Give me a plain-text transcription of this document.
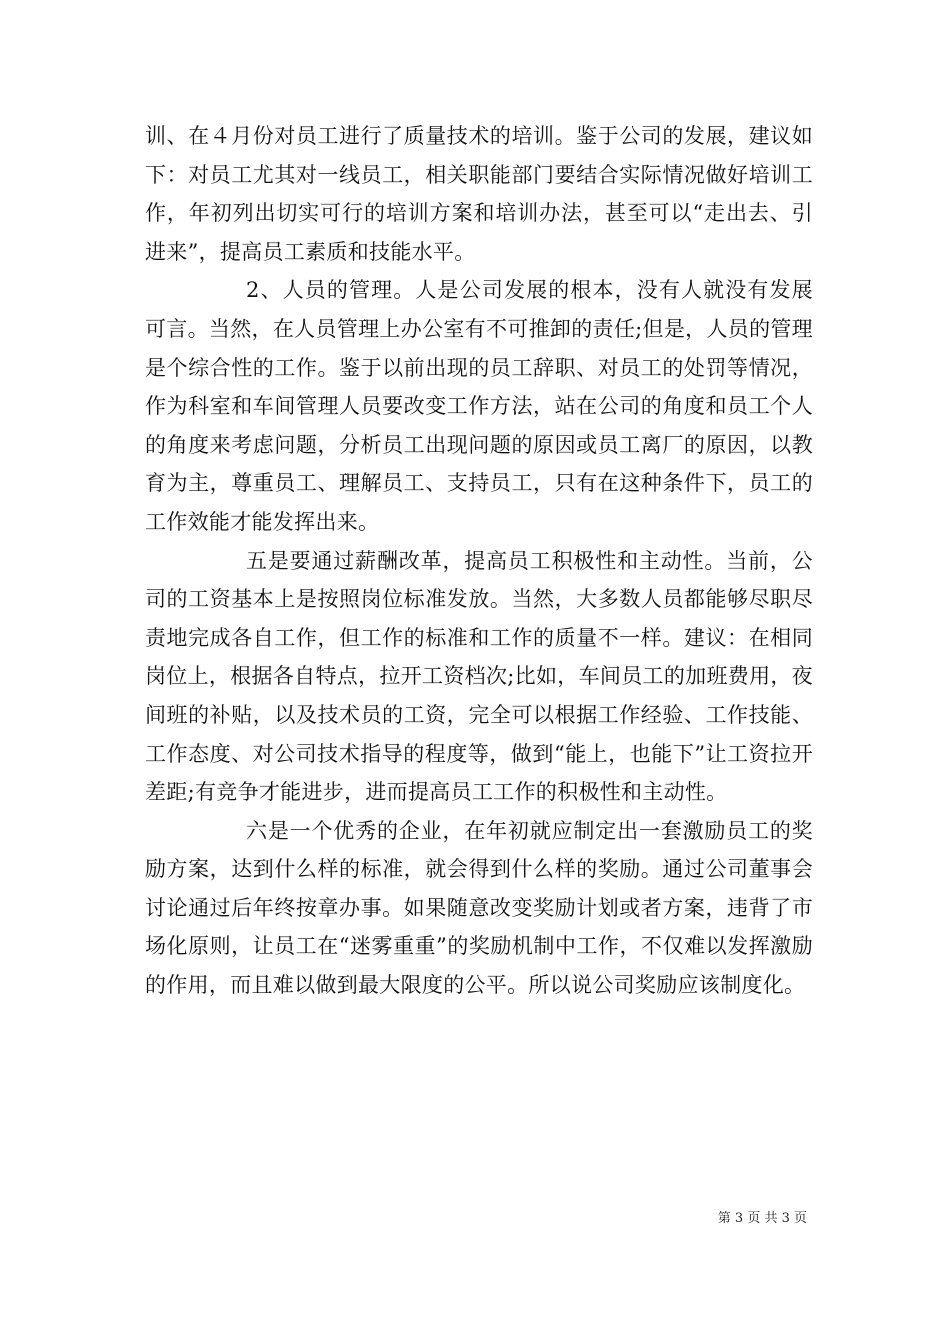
训、在４月份对员工进行了质量技术的培训。鉴于公司的发展，建议如下：对员工尤其对一线员工，相关职能部门要结合实际情况做好培训工作，年初列出切实可行的培训方案和培训办法，甚至可以“走出去、引进来”，提高员工素质和技能水平。

2、人员的管理。人是公司发展的根本，没有人就没有发展可言。当然，在人员管理上办公室有不可推卸的责任;但是，人员的管理是个综合性的工作。鉴于以前出现的员工辞职、对员工的处罚等情况，作为科室和车间管理人员要改变工作方法，站在公司的角度和员工个人的角度来考虑问题，分析员工出现问题的原因或员工离厂的原因，以教育为主，尊重员工、理解员工、支持员工，只有在这种条件下，员工的工作效能才能发挥出来。

五是要通过薪酬改革，提高员工积极性和主动性。当前，公司的工资基本上是按照岗位标准发放。当然，大多数人员都能够尽职尽责地完成各自工作，但工作的标准和工作的质量不一样。建议：在相同岗位上，根据各自特点，拉开工资档次;比如，车间员工的加班费用，夜间班的补贴，以及技术员的工资，完全可以根据工作经验、工作技能、工作态度、对公司技术指导的程度等，做到“能上，也能下”让工资拉开差距;有竞争才能进步，进而提高员工工作的积极性和主动性。

六是一个优秀的企业，在年初就应制定出一套激励员工的奖励方案，达到什么样的标准，就会得到什么样的奖励。通过公司董事会讨论通过后年终按章办事。如果随意改变奖励计划或者方案，违背了市场化原则，让员工在“迷雾重重”的奖励机制中工作，不仅难以发挥激励的作用，而且难以做到最大限度的公平。所以说公司奖励应该制度化。

第 3 页 共 3 页
